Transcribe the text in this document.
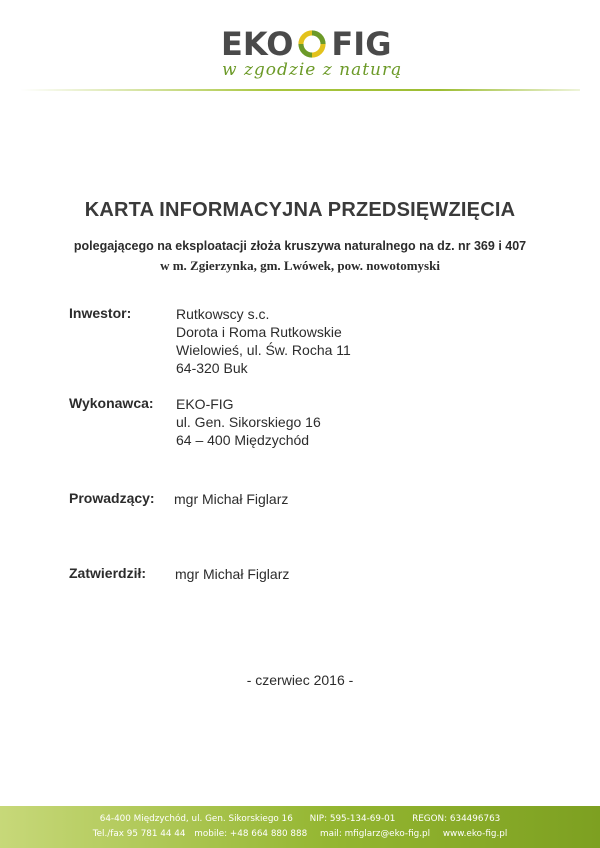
EKO FIG
w zgodzie z naturą
KARTA INFORMACYJNA PRZEDSIĘWZIĘCIA
polegającego na eksploatacji złoża kruszywa naturalnego na dz. nr 369 i 407
w m. Zgierzynka, gm. Lwówek, pow. nowotomyski
Inwestor:	Rutkowscy s.c.
Dorota i Roma Rutkowskie
Wielowieś, ul. Św. Rocha 11
64-320 Buk
Wykonawca: EKO-FIG
ul. Gen. Sikorskiego 16
64 – 400 Międzychód
Prowadzący: mgr Michał Figlarz
Zatwierdził: mgr Michał Figlarz
- czerwiec 2016 -
64-400 Międzychód, ul. Gen. Sikorskiego 16 NIP: 595-134-69-01 REGON: 634496763
Tel./fax 95 781 44 44 mobile: +48 664 880 888 mail: mfiglarz@eko-fig.pl www.eko-fig.pl
